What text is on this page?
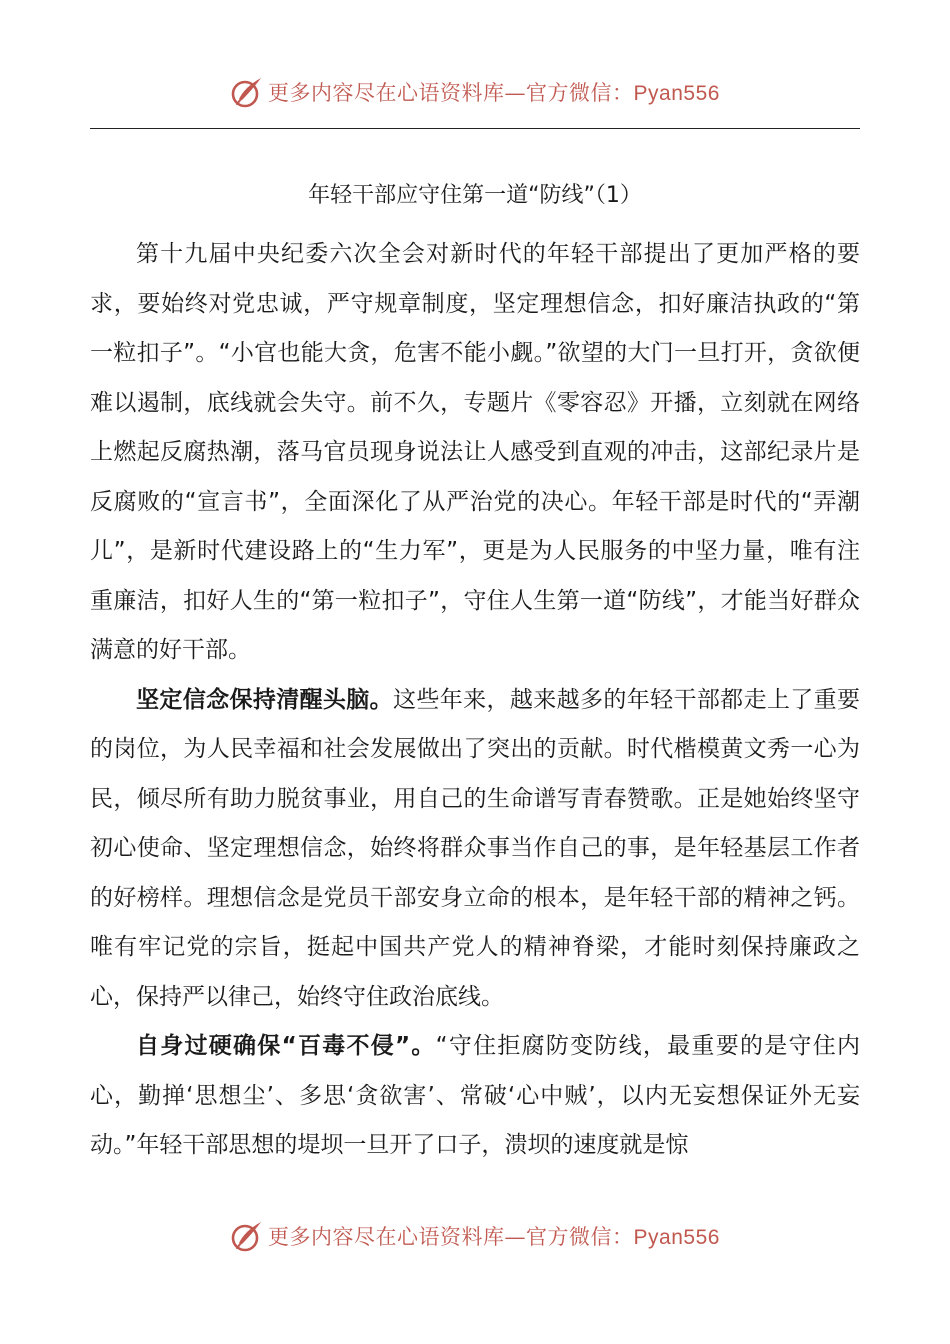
更多内容尽在心语资料库—官方微信：Pyan556
年轻干部应守住第一道“防线”（1）

第十九届中央纪委六次全会对新时代的年轻干部提出了更加严格的要求，要始终对党忠诚，严守规章制度，坚定理想信念，扣好廉洁执政的“第一粒扣子”。“小官也能大贪，危害不能小觑。”欲望的大门一旦打开，贪欲便难以遏制，底线就会失守。前不久，专题片《零容忍》开播，立刻就在网络上燃起反腐热潮，落马官员现身说法让人感受到直观的冲击，这部纪录片是反腐败的“宣言书”，全面深化了从严治党的决心。年轻干部是时代的“弄潮儿”，是新时代建设路上的“生力军”，更是为人民服务的中坚力量，唯有注重廉洁，扣好人生的“第一粒扣子”，守住人生第一道“防线”，才能当好群众满意的好干部。

坚定信念保持清醒头脑。这些年来，越来越多的年轻干部都走上了重要的岗位，为人民幸福和社会发展做出了突出的贡献。时代楷模黄文秀一心为民，倾尽所有助力脱贫事业，用自己的生命谱写青春赞歌。正是她始终坚守初心使命、坚定理想信念，始终将群众事当作自己的事，是年轻基层工作者的好榜样。理想信念是党员干部安身立命的根本，是年轻干部的精神之钙。唯有牢记党的宗旨，挺起中国共产党人的精神脊梁，才能时刻保持廉政之心，保持严以律己，始终守住政治底线。

自身过硬确保“百毒不侵”。“守住拒腐防变防线，最重要的是守住内心，勤掸‘思想尘’、多思‘贪欲害’、常破‘心中贼’，以内无妄想保证外无妄动。”年轻干部思想的堤坝一旦开了口子，溃坝的速度就是惊

更多内容尽在心语资料库—官方微信：Pyan556
